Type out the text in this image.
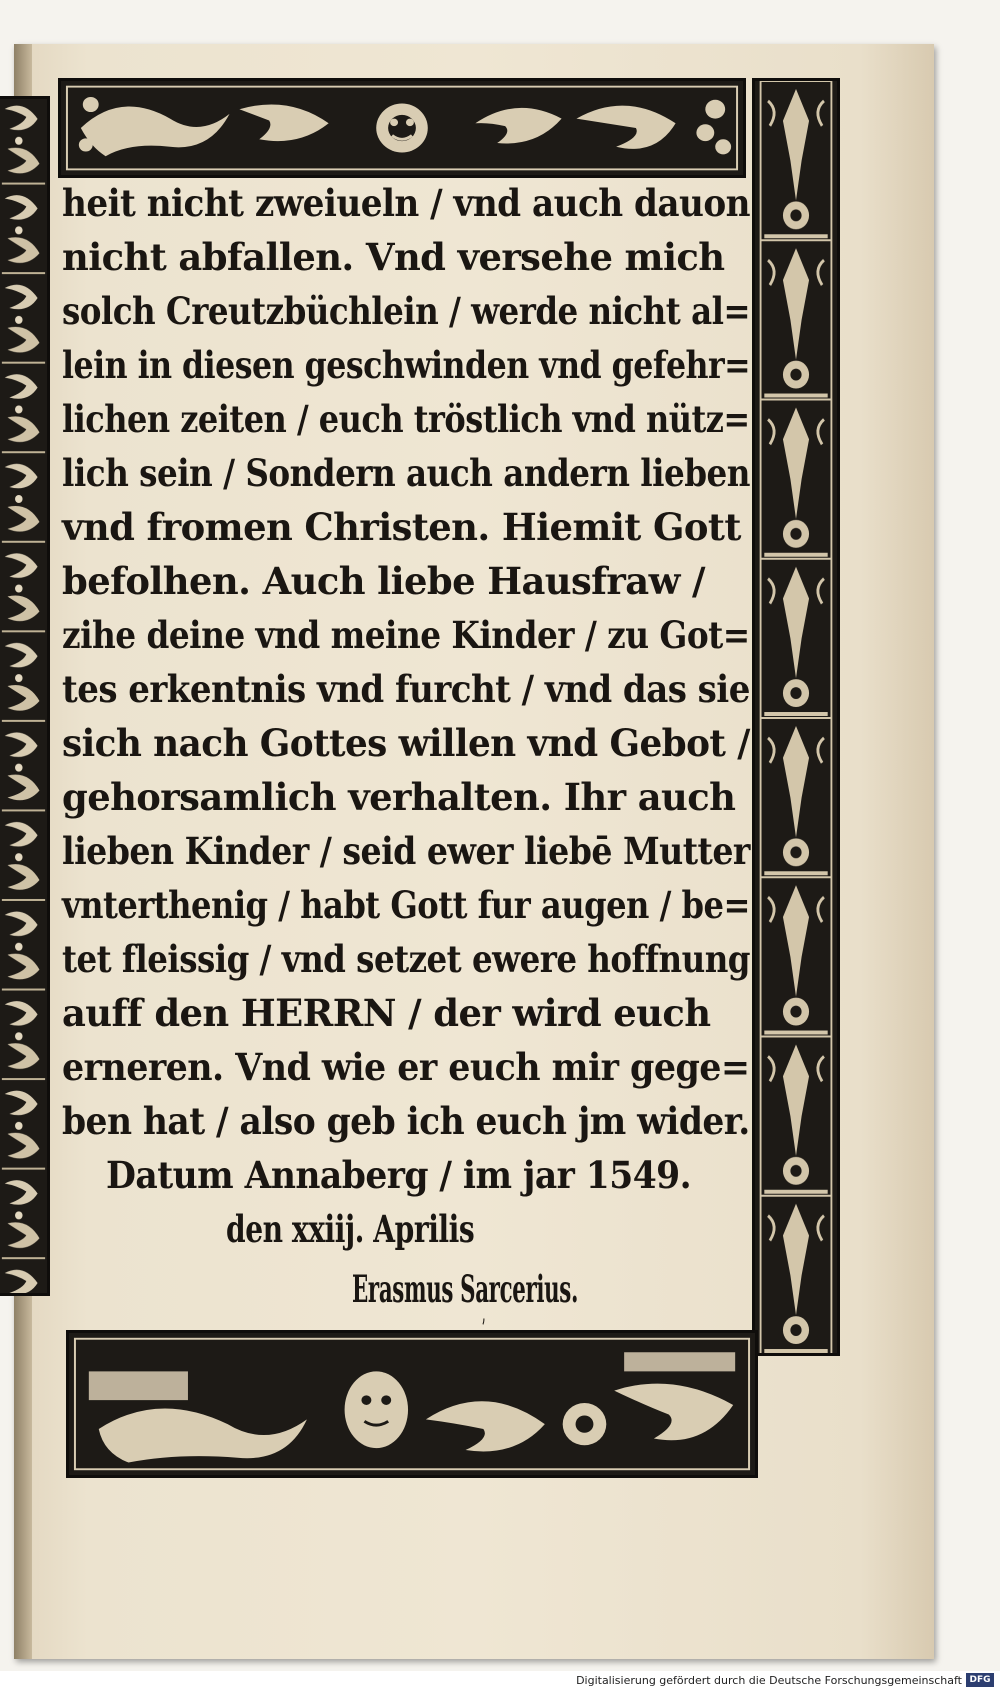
heit nicht zweiueln / vnd auch dauon
nicht abfallen. Vnd versehe mich
solch Creutzbüchlein / werde nicht al=
lein in diesen geschwinden vnd gefehr=
lichen zeiten / euch tröstlich vnd nütz=
lich sein / Sondern auch andern lieben
vnd fromen Christen. Hiemit Gott
befolhen. Auch liebe Hausfraw /
zihe deine vnd meine Kinder / zu Got=
tes erkentnis vnd furcht / vnd das sie
sich nach Gottes willen vnd Gebot /
gehorsamlich verhalten. Ihr auch
lieben Kinder / seid ewer liebē Mutter
vnterthenig / habt Gott fur augen / be=
tet fleissig / vnd setzet ewere hoffnung
auff den HERRN / der wird euch
erneren. Vnd wie er euch mir gege=
ben hat / also geb ich euch jm wider.
Datum Annaberg / im jar 1549.
den xxiij. Aprilis
Erasmus Sarcerius.
ʼ
Digitalisierung gefördert durch die Deutsche Forschungsgemeinschaft DFG
